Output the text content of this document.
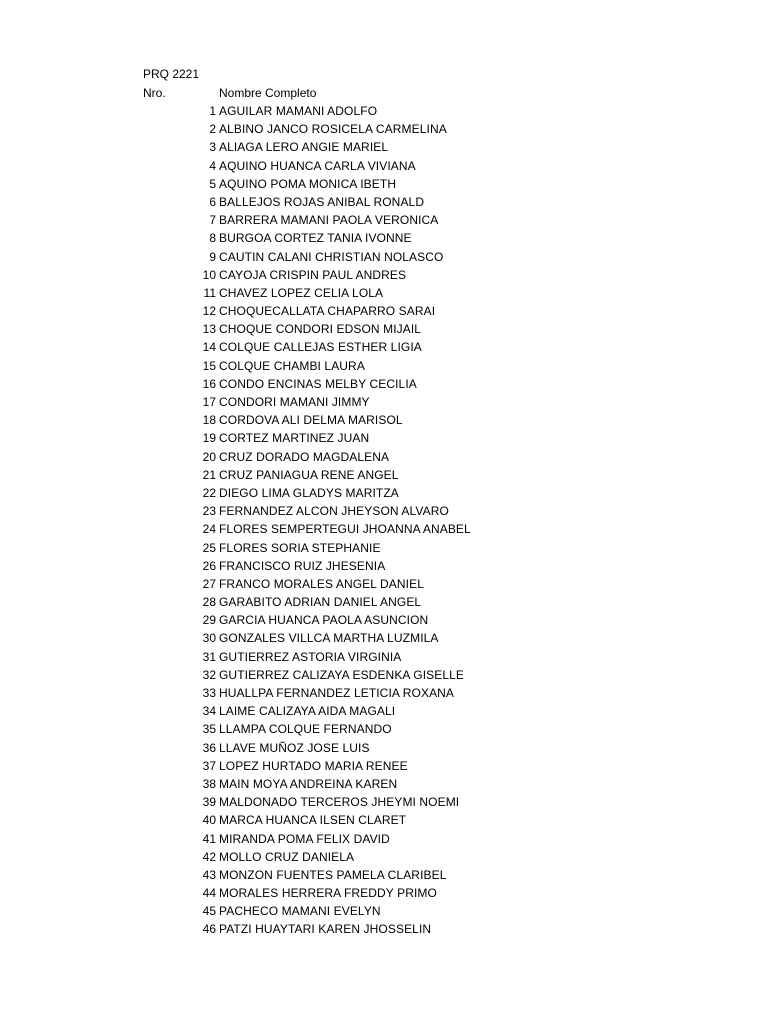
PRQ 2221
Nro.	Nombre Completo
1 AGUILAR MAMANI ADOLFO
2 ALBINO JANCO ROSICELA CARMELINA
3 ALIAGA LERO ANGIE MARIEL
4 AQUINO HUANCA CARLA VIVIANA
5 AQUINO POMA MONICA IBETH
6 BALLEJOS ROJAS ANIBAL RONALD
7 BARRERA MAMANI PAOLA VERONICA
8 BURGOA CORTEZ TANIA IVONNE
9 CAUTIN CALANI CHRISTIAN NOLASCO
10 CAYOJA CRISPIN PAUL ANDRES
11 CHAVEZ LOPEZ CELIA LOLA
12 CHOQUECALLATA CHAPARRO SARAI
13 CHOQUE CONDORI EDSON MIJAIL
14 COLQUE CALLEJAS ESTHER LIGIA
15 COLQUE CHAMBI LAURA
16 CONDO ENCINAS MELBY CECILIA
17 CONDORI MAMANI JIMMY
18 CORDOVA ALI DELMA MARISOL
19 CORTEZ MARTINEZ JUAN
20 CRUZ DORADO MAGDALENA
21 CRUZ PANIAGUA RENE ANGEL
22 DIEGO LIMA GLADYS MARITZA
23 FERNANDEZ ALCON JHEYSON ALVARO
24 FLORES SEMPERTEGUI JHOANNA ANABEL
25 FLORES SORIA STEPHANIE
26 FRANCISCO RUIZ JHESENIA
27 FRANCO MORALES ANGEL DANIEL
28 GARABITO ADRIAN DANIEL ANGEL
29 GARCIA HUANCA PAOLA ASUNCION
30 GONZALES VILLCA MARTHA LUZMILA
31 GUTIERREZ ASTORIA VIRGINIA
32 GUTIERREZ CALIZAYA ESDENKA GISELLE
33 HUALLPA FERNANDEZ LETICIA ROXANA
34 LAIME CALIZAYA AIDA MAGALI
35 LLAMPA COLQUE FERNANDO
36 LLAVE MUÑOZ JOSE LUIS
37 LOPEZ HURTADO MARIA RENEE
38 MAIN MOYA ANDREINA KAREN
39 MALDONADO TERCEROS JHEYMI NOEMI
40 MARCA HUANCA ILSEN CLARET
41 MIRANDA POMA FELIX DAVID
42 MOLLO CRUZ DANIELA
43 MONZON FUENTES PAMELA CLARIBEL
44 MORALES HERRERA FREDDY PRIMO
45 PACHECO MAMANI EVELYN
46 PATZI HUAYTARI KAREN JHOSSELIN
